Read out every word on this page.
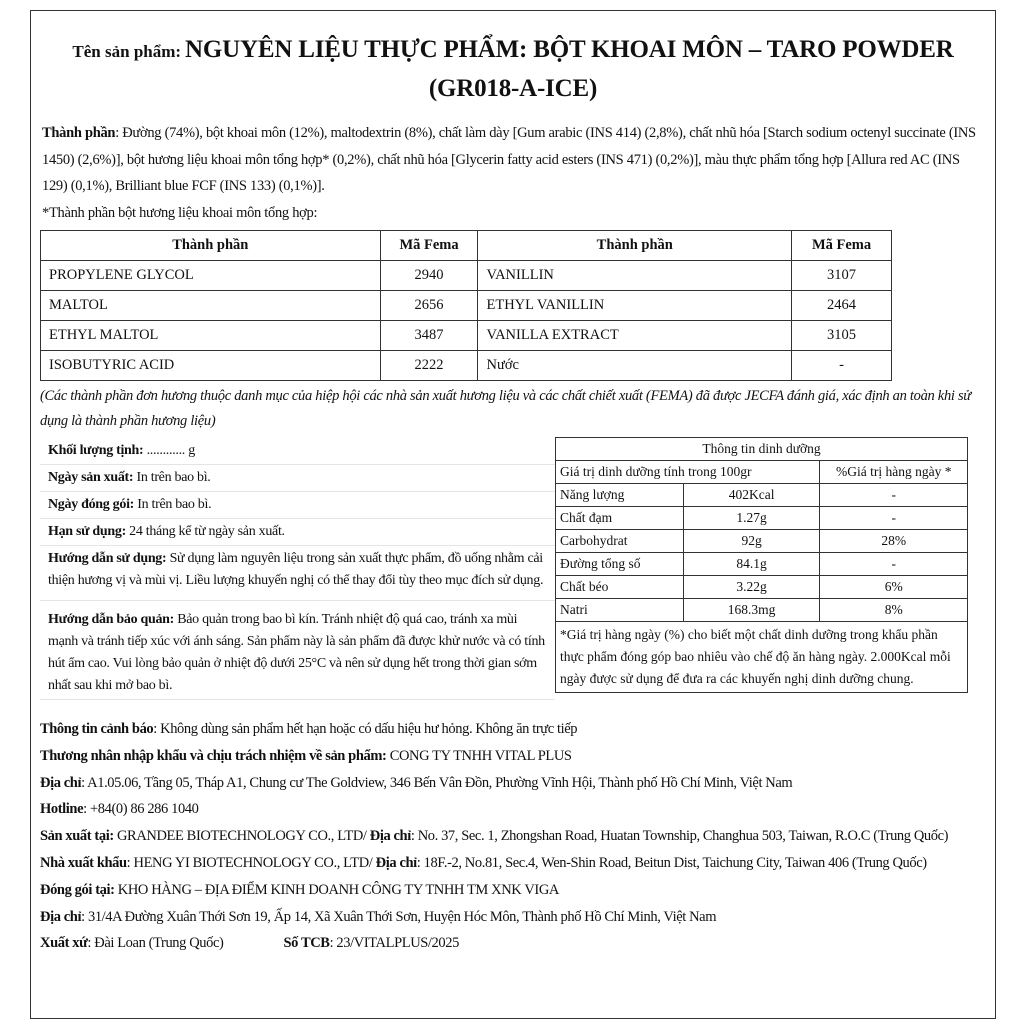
Tên sản phẩm: NGUYÊN LIỆU THỰC PHẨM: BỘT KHOAI MÔN – TARO POWDER
(GR018-A-ICE)
Thành phần: Đường (74%), bột khoai môn (12%), maltodextrin (8%), chất làm dày [Gum arabic (INS 414) (2,8%), chất nhũ hóa [Starch sodium octenyl succinate (INS 1450) (2,6%)], bột hương liệu khoai môn tổng hợp* (0,2%), chất nhũ hóa [Glycerin fatty acid esters (INS 471) (0,2%)], màu thực phẩm tổng hợp [Allura red AC (INS 129) (0,1%), Brilliant blue FCF (INS 133) (0,1%)].
*Thành phần bột hương liệu khoai môn tổng hợp:
Thành phần	Mã Fema	Thành phần	Mã Fema
PROPYLENE GLYCOL	2940	VANILLIN	3107
MALTOL	2656	ETHYL VANILLIN	2464
ETHYL MALTOL	3487	VANILLA EXTRACT	3105
ISOBUTYRIC ACID	2222	Nước	-
(Các thành phần đơn hương thuộc danh mục của hiệp hội các nhà sản xuất hương liệu và các chất chiết xuất (FEMA) đã được JECFA đánh giá, xác định an toàn khi sử dụng là thành phần hương liệu)
Khối lượng tịnh: ............ g
Ngày sản xuất: In trên bao bì.
Ngày đóng gói: In trên bao bì.
Hạn sử dụng: 24 tháng kể từ ngày sản xuất.
Hướng dẫn sử dụng: Sử dụng làm nguyên liệu trong sản xuất thực phẩm, đồ uống nhằm cải thiện hương vị và mùi vị. Liều lượng khuyến nghị có thể thay đổi tùy theo mục đích sử dụng.
Hướng dẫn bảo quản: Bảo quản trong bao bì kín. Tránh nhiệt độ quá cao, tránh xa mùi mạnh và tránh tiếp xúc với ánh sáng. Sản phẩm này là sản phẩm đã được khử nước và có tính hút ẩm cao. Vui lòng bảo quản ở nhiệt độ dưới 25°C và nên sử dụng hết trong thời gian sớm nhất sau khi mở bao bì.
Thông tin dinh dưỡng		
Giá trị dinh dưỡng tính trong 100gr		%Giá trị hàng ngày *
Năng lượng	402Kcal	-
Chất đạm	1.27g	-
Carbohydrat	92g	28%
Đường tổng số	84.1g	-
Chất béo	3.22g	6%
Natri	168.3mg	8%
*Giá trị hàng ngày (%) cho biết một chất dinh dưỡng trong khẩu phần thực phẩm đóng góp bao nhiêu vào chế độ ăn hàng ngày. 2.000Kcal mỗi ngày được sử dụng để đưa ra các khuyến nghị dinh dưỡng chung.		
Thông tin cảnh báo: Không dùng sản phẩm hết hạn hoặc có dấu hiệu hư hỏng. Không ăn trực tiếp
Thương nhân nhập khẩu và chịu trách nhiệm về sản phẩm: CONG TY TNHH VITAL PLUS
Địa chỉ: A1.05.06, Tầng 05, Tháp A1, Chung cư The Goldview, 346 Bến Vân Đồn, Phường Vĩnh Hội, Thành phố Hồ Chí Minh, Việt Nam
Hotline: +84(0) 86 286 1040
Sản xuất tại: GRANDEE BIOTECHNOLOGY CO., LTD/ Địa chỉ: No. 37, Sec. 1, Zhongshan Road, Huatan Township, Changhua 503, Taiwan, R.O.C (Trung Quốc)
Nhà xuất khẩu: HENG YI BIOTECHNOLOGY CO., LTD/ Địa chỉ: 18F.-2, No.81, Sec.4, Wen-Shin Road, Beitun Dist, Taichung City, Taiwan 406 (Trung Quốc)
Đóng gói tại: KHO HÀNG – ĐỊA ĐIỂM KINH DOANH CÔNG TY TNHH TM XNK VIGA
Địa chỉ: 31/4A Đường Xuân Thới Sơn 19, Ấp 14, Xã Xuân Thới Sơn, Huyện Hóc Môn, Thành phố Hồ Chí Minh, Việt Nam
Xuất xứ: Đài Loan (Trung Quốc)	Số TCB: 23/VITALPLUS/2025
